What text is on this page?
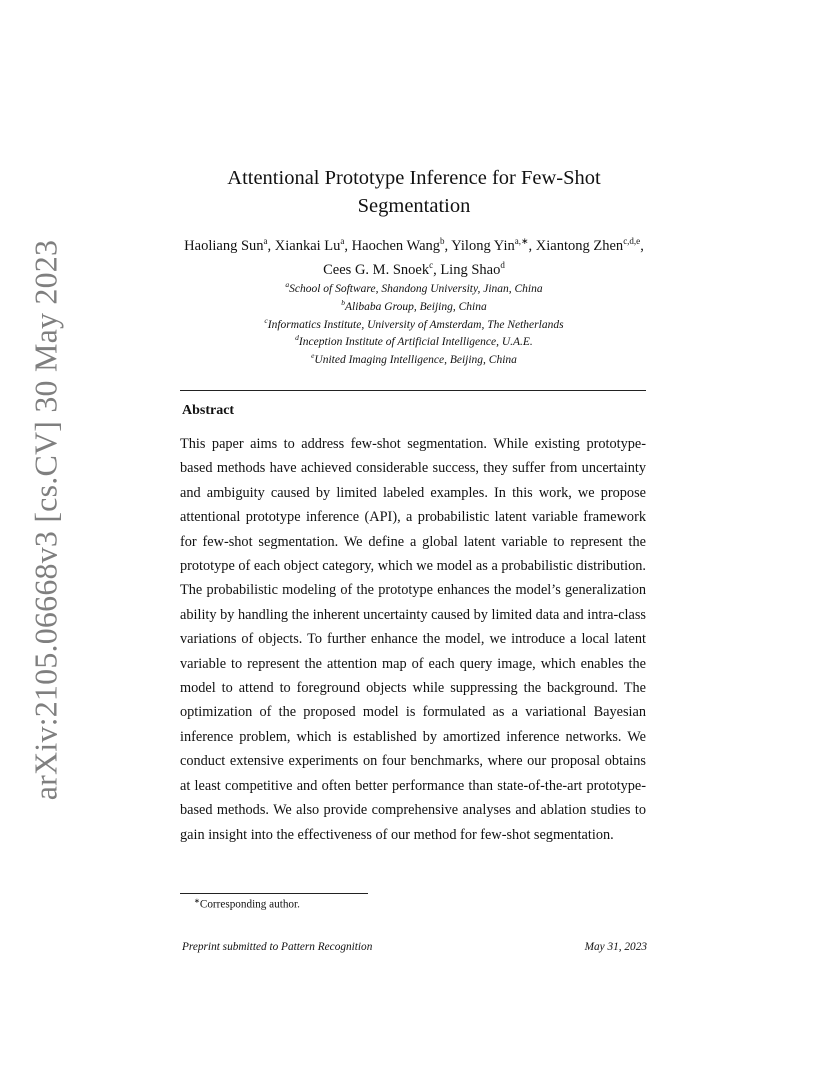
arXiv:2105.06668v3 [cs.CV] 30 May 2023
Attentional Prototype Inference for Few-Shot
Segmentation
Haoliang Sun$^a$, Xiankai Lu$^a$, Haochen Wang$^b$, Yilong Yin$^{a,∗}$, Xiantong Zhen$^{c,d,e}$, Cees G. M. Snoek$^c$, Ling Shao$^d$
$^a$School of Software, Shandong University, Jinan, China
$^b$Alibaba Group, Beijing, China
$^c$Informatics Institute, University of Amsterdam, The Netherlands
$^d$Inception Institute of Artificial Intelligence, U.A.E.
$^e$United Imaging Intelligence, Beijing, China
Abstract
This paper aims to address few-shot segmentation. While existing prototype-based methods have achieved considerable success, they suffer from uncertainty and ambiguity caused by limited labeled examples. In this work, we propose attentional prototype inference (API), a probabilistic latent variable framework for few-shot segmentation. We define a global latent variable to represent the prototype of each object category, which we model as a probabilistic distribution. The probabilistic modeling of the prototype enhances the model’s generalization ability by handling the inherent uncertainty caused by limited data and intra-class variations of objects. To further enhance the model, we introduce a local latent variable to represent the attention map of each query image, which enables the model to attend to foreground objects while suppressing the background. The optimization of the proposed model is formulated as a variational Bayesian inference problem, which is established by amortized inference networks. We conduct extensive experiments on four benchmarks, where our proposal obtains at least competitive and often better performance than state-of-the-art prototype-based methods. We also provide comprehensive analyses and ablation studies to gain insight into the effectiveness of our method for few-shot segmentation.
∗Corresponding author.
Preprint submitted to Pattern Recognition	May 31, 2023
